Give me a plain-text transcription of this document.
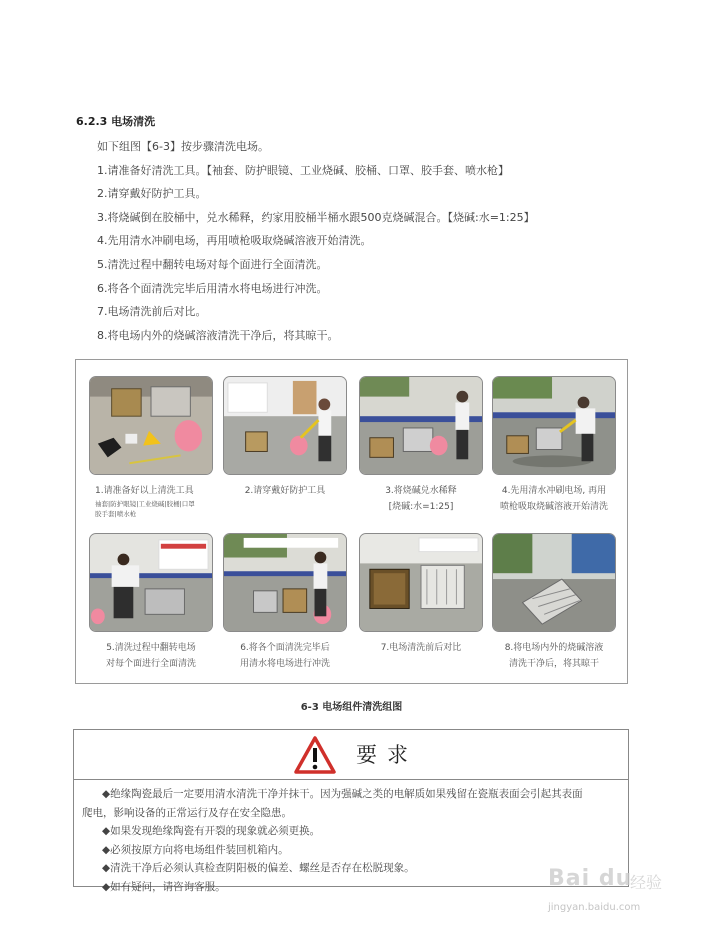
6.2.3 电场清洗
如下组图【6-3】按步骤清洗电场。
1.请准备好清洗工具。【袖套、防护眼镜、工业烧碱、胶桶、口罩、胶手套、喷水枪】
2.请穿戴好防护工具。
3.将烧碱倒在胶桶中，兑水稀释，约家用胶桶半桶水跟500克烧碱混合。【烧碱:水=1:25】
4.先用清水冲刷电场，再用喷枪吸取烧碱溶液开始清洗。
5.清洗过程中翻转电场对每个面进行全面清洗。
6.将各个面清洗完毕后用清水将电场进行冲洗。
7.电场清洗前后对比。
8.将电场内外的烧碱溶液清洗干净后，将其晾干。
1.请准备好以上清洗工具
袖套|防护眼镜|工业烧碱|胶桶|口罩
胶手套|喷水枪
2.请穿戴好防护工具	3.将烧碱兑水稀释
[烧碱:水=1:25]
4.先用清水冲刷电场, 再用
喷枪吸取烧碱溶液开始清洗
5.清洗过程中翻转电场
对每个面进行全面清洗
6.将各个面清洗完毕后
用清水将电场进行冲洗
7.电场清洗前后对比	8.将电场内外的烧碱溶液
清洗干净后，将其晾干
6-3 电场组件清洗组图
要求

◆绝缘陶瓷最后一定要用清水清洗干净并抹干。因为强碱之类的电解质如果残留在瓷瓶表面会引起其表面

爬电，影响设备的正常运行及存在安全隐患。

◆如果发现绝缘陶瓷有开裂的现象就必须更换。

◆必须按原方向将电场组件装回机箱内。

◆清洗干净后必须认真检查阴阳极的偏差、螺丝是否存在松脱现象。

◆如有疑问，请咨询客服。	Bai du
经验
jingyan.baidu.com
